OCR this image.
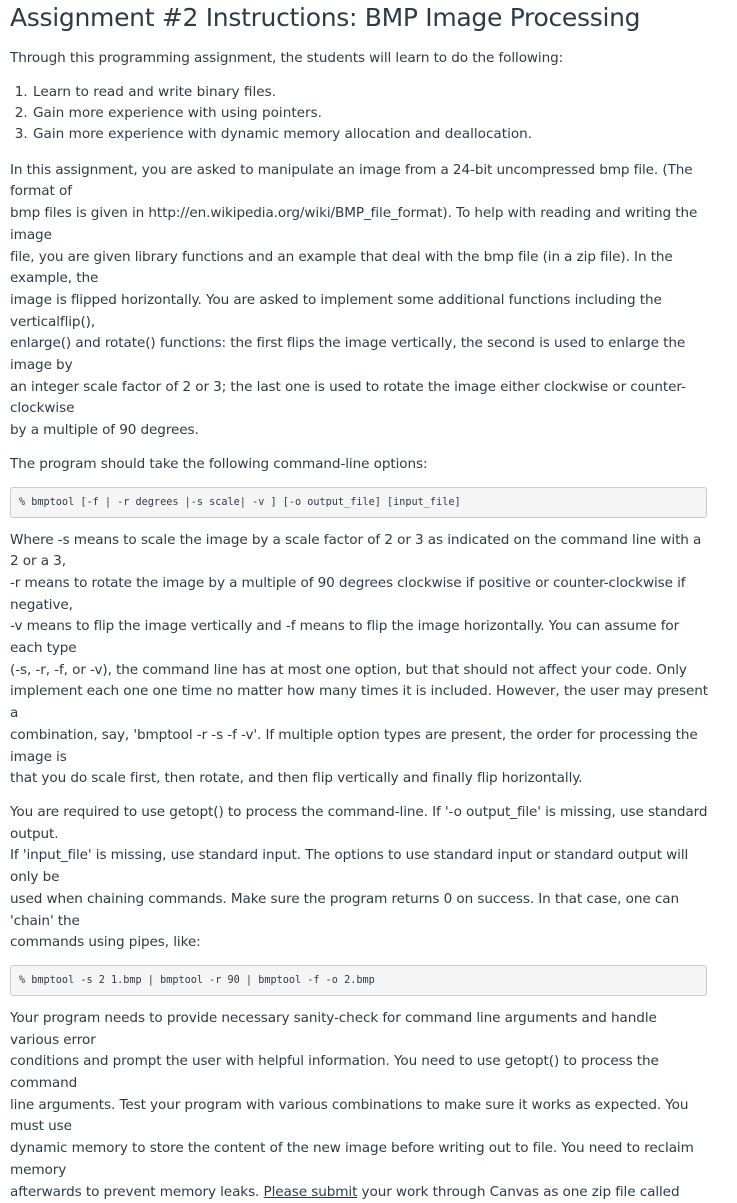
Assignment #2 Instructions: BMP Image Processing

Through this programming assignment, the students will learn to do the following:

1. Learn to read and write binary files.
2. Gain more experience with using pointers.
3. Gain more experience with dynamic memory allocation and deallocation.

In this assignment, you are asked to manipulate an image from a 24-bit uncompressed bmp file. (The format of
bmp files is given in http://en.wikipedia.org/wiki/BMP_file_format). To help with reading and writing the image
file, you are given library functions and an example that deal with the bmp file (in a zip file). In the example, the
image is flipped horizontally. You are asked to implement some additional functions including the verticalflip(),
enlarge() and rotate() functions: the first flips the image vertically, the second is used to enlarge the image by
an integer scale factor of 2 or 3; the last one is used to rotate the image either clockwise or counter-clockwise
by a multiple of 90 degrees.

The program should take the following command-line options:

% bmptool [-f | -r degrees |-s scale| -v ] [-o output_file] [input_file]

Where -s means to scale the image by a scale factor of 2 or 3 as indicated on the command line with a 2 or a 3,
-r means to rotate the image by a multiple of 90 degrees clockwise if positive or counter-clockwise if negative,
-v means to flip the image vertically and -f means to flip the image horizontally. You can assume for each type
(-s, -r, -f, or -v), the command line has at most one option, but that should not affect your code. Only
implement each one one time no matter how many times it is included. However, the user may present a
combination, say, 'bmptool -r -s -f -v'. If multiple option types are present, the order for processing the image is
that you do scale first, then rotate, and then flip vertically and finally flip horizontally.

You are required to use getopt() to process the command-line. If '-o output_file' is missing, use standard output.
If 'input_file' is missing, use standard input. The options to use standard input or standard output will only be
used when chaining commands. Make sure the program returns 0 on success. In that case, one can 'chain' the
commands using pipes, like:

% bmptool -s 2 1.bmp | bmptool -r 90 | bmptool -f -o 2.bmp

Your program needs to provide necessary sanity-check for command line arguments and handle various error
conditions and prompt the user with helpful information. You need to use getopt() to process the command
line arguments. Test your program with various combinations to make sure it works as expected. You must use
dynamic memory to store the content of the new image before writing out to file. You need to reclaim memory
afterwards to prevent memory leaks. Please submit your work through Canvas as one zip file called
